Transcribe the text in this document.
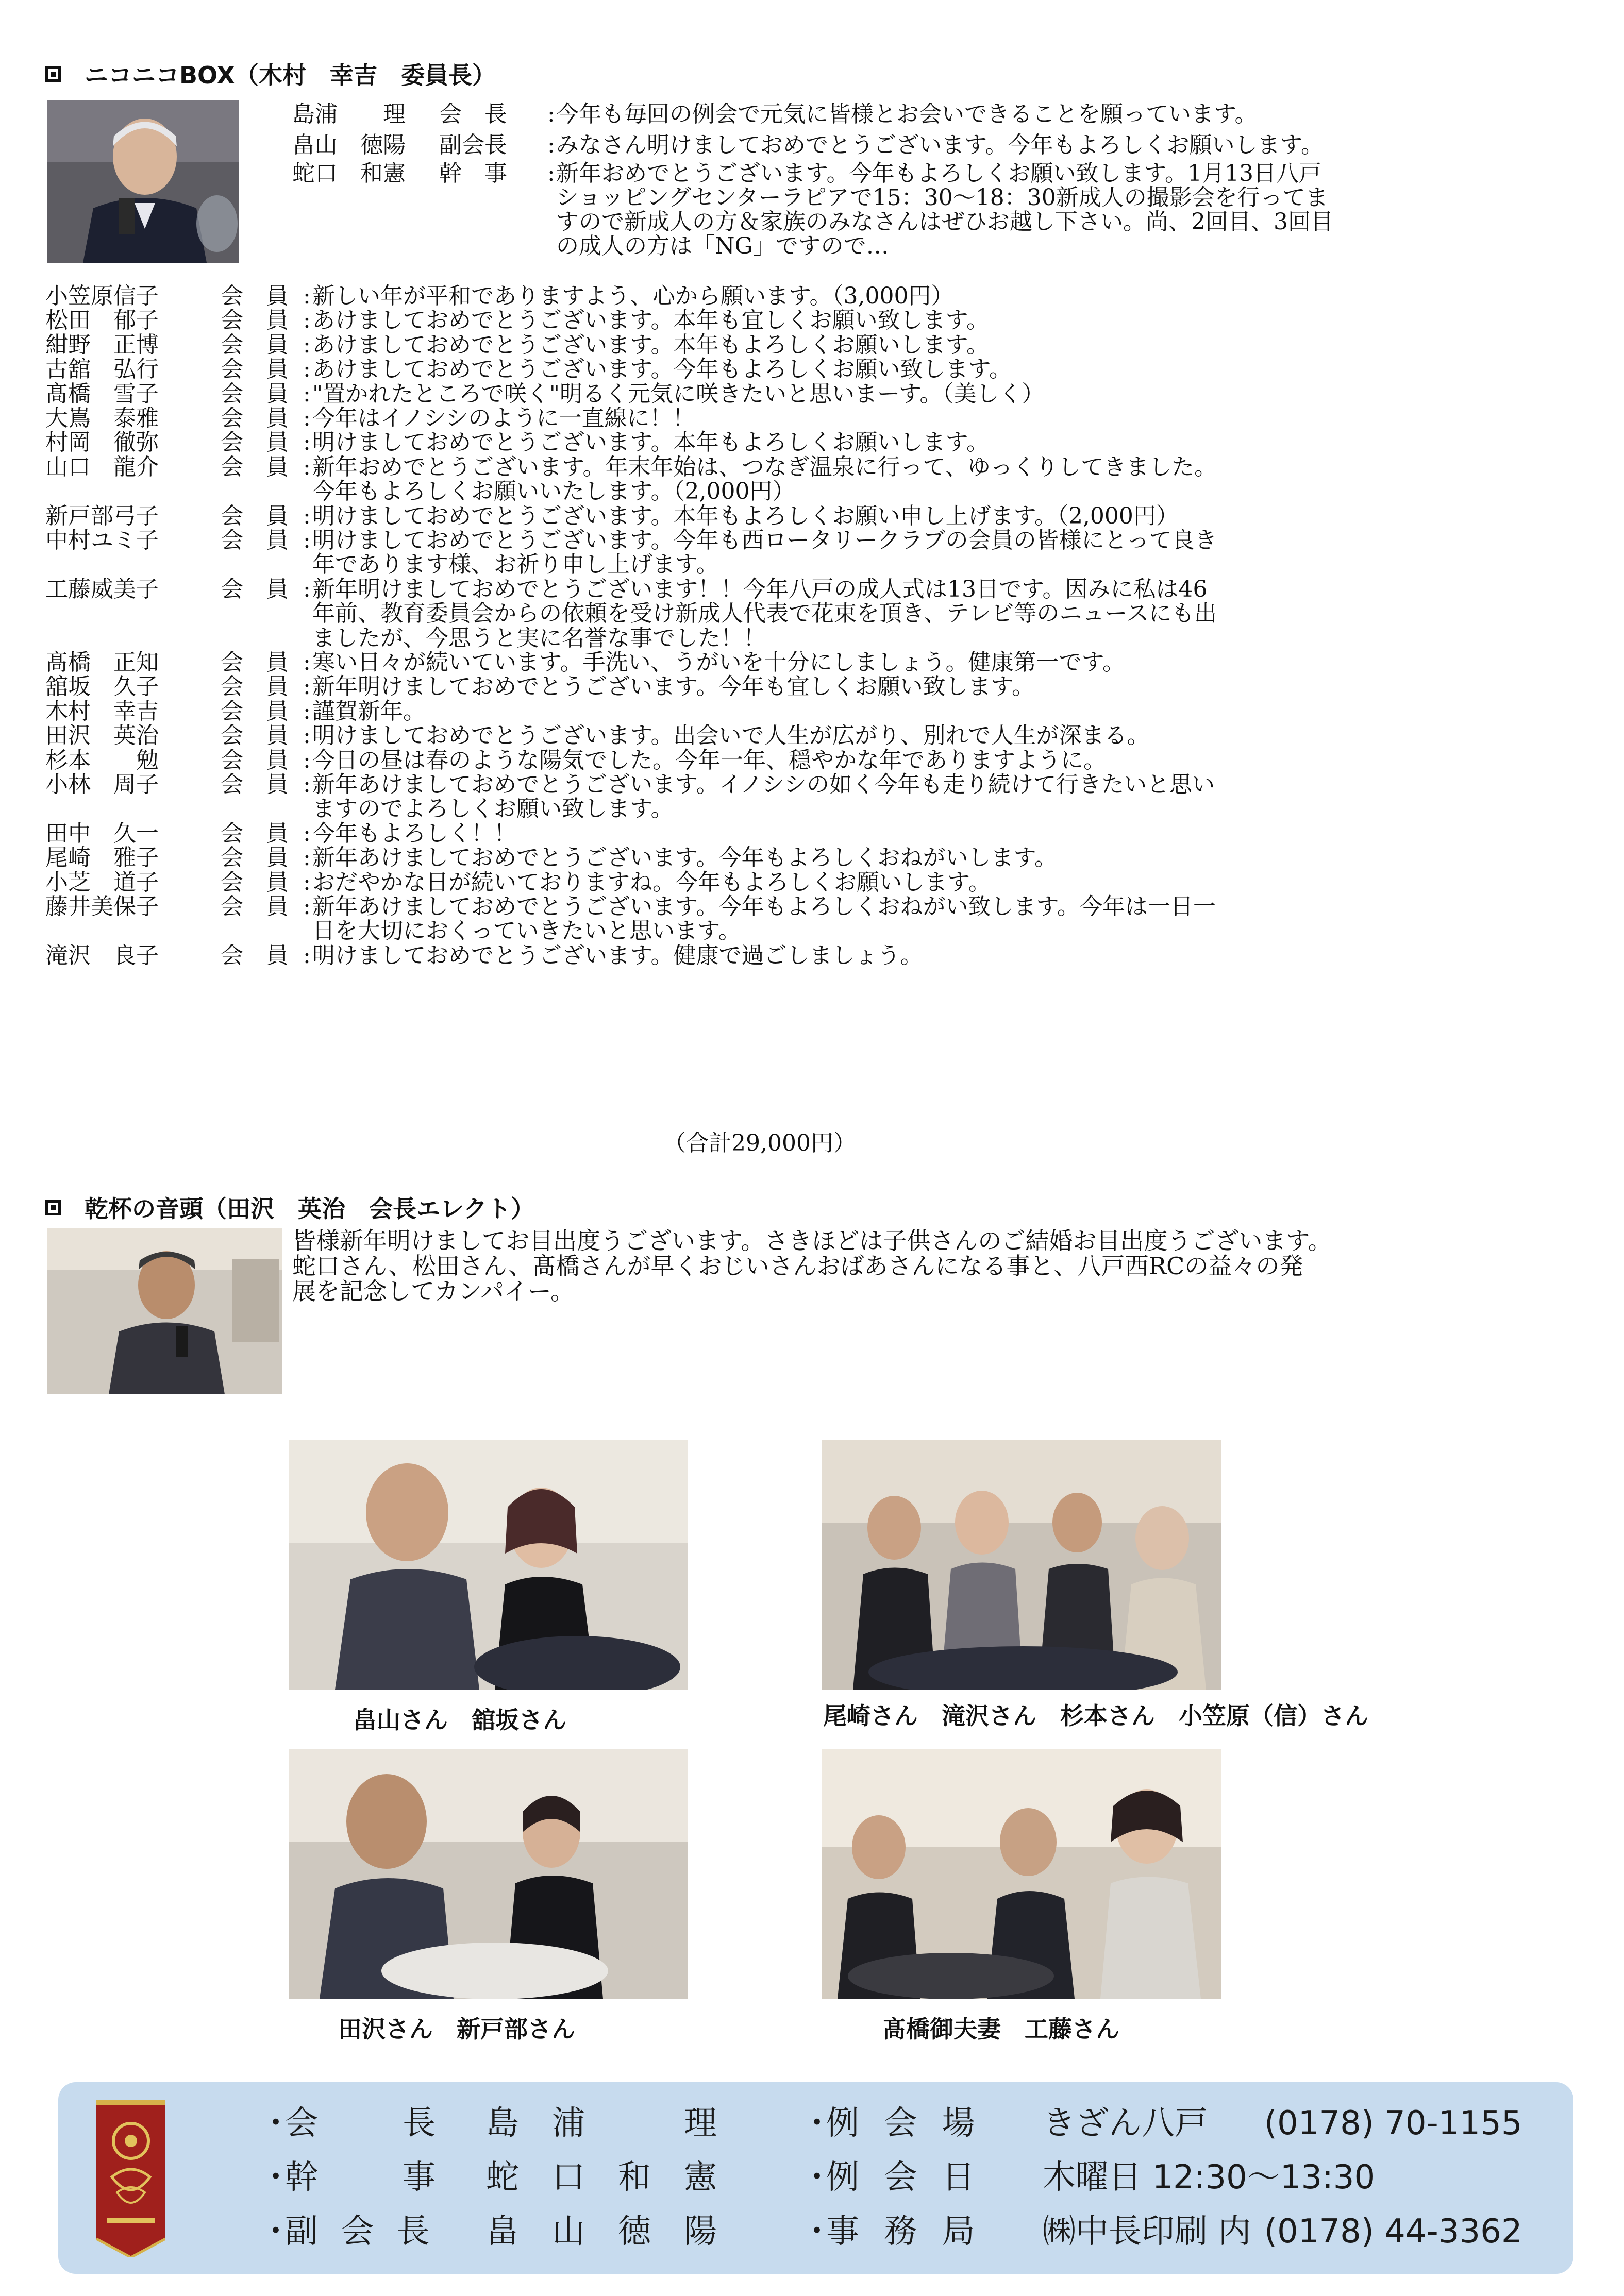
ニコニコBOX（木村　幸吉　委員長）
島浦　　理 会　長 : 今年も毎回の例会で元気に皆様とお会いできることを願っています。
畠山　徳陽 副会長 : みなさん明けましておめでとうございます。今年もよろしくお願いします。
蛇口　和憲 幹　事 : 新年おめでとうございます。今年もよろしくお願い致します。1月13日八戸
ショッピングセンターラピアで15：30～18：30新成人の撮影会を行ってま
すので新成人の方＆家族のみなさんはぜひお越し下さい。尚、2回目、3回目
の成人の方は「NG」ですので…
小笠原信子	会　員 : 新しい年が平和でありますよう、心から願います。（3,000円）
松田　郁子	会　員 : あけましておめでとうございます。本年も宜しくお願い致します。
紺野　正博	会　員 : あけましておめでとうございます。本年もよろしくお願いします。
古舘　弘行	会　員 : あけましておめでとうございます。今年もよろしくお願い致します。
髙橋　雪子	会　員 : "置かれたところで咲く"明るく元気に咲きたいと思いまーす。（美しく）
大嶌　泰雅	会　員 : 今年はイノシシのように一直線に！！
村岡　徹弥	会　員 : 明けましておめでとうございます。本年もよろしくお願いします。
山口　龍介	会　員 : 新年おめでとうございます。年末年始は、つなぎ温泉に行って、ゆっくりしてきました。
今年もよろしくお願いいたします。（2,000円）
新戸部弓子	会　員 : 明けましておめでとうございます。本年もよろしくお願い申し上げます。（2,000円）
中村ユミ子	会　員 : 明けましておめでとうございます。今年も西ロータリークラブの会員の皆様にとって良き
年であります様、お祈り申し上げます。
工藤威美子	会　員 : 新年明けましておめでとうございます！！今年八戸の成人式は13日です。因みに私は46
年前、教育委員会からの依頼を受け新成人代表で花束を頂き、テレビ等のニュースにも出
ましたが、今思うと実に名誉な事でした！！
髙橋　正知	会　員 : 寒い日々が続いています。手洗い、うがいを十分にしましょう。健康第一です。
舘坂　久子	会　員 : 新年明けましておめでとうございます。今年も宜しくお願い致します。
木村　幸吉	会　員 : 謹賀新年。
田沢　英治	会　員 : 明けましておめでとうございます。出会いで人生が広がり、別れで人生が深まる。
杉本　　勉	会　員 : 今日の昼は春のような陽気でした。今年一年、穏やかな年でありますように。
小林　周子	会　員 : 新年あけましておめでとうございます。イノシシの如く今年も走り続けて行きたいと思い
ますのでよろしくお願い致します。
田中　久一	会　員 : 今年もよろしく！！
尾崎　雅子	会　員 : 新年あけましておめでとうございます。今年もよろしくおねがいします。
小芝　道子	会　員 : おだやかな日が続いておりますね。今年もよろしくお願いします。
藤井美保子	会　員 : 新年あけましておめでとうございます。今年もよろしくおねがい致します。今年は一日一
日を大切におくっていきたいと思います。
滝沢　良子	会　員 : 明けましておめでとうございます。健康で過ごしましょう。
（合計29,000円）
乾杯の音頭（田沢　英治　会長エレクト）
皆様新年明けましてお目出度うございます。さきほどは子供さんのご結婚お目出度うございます。
蛇口さん、松田さん、髙橋さんが早くおじいさんおばあさんになる事と、八戸西RCの益々の発
展を記念してカンパイー。
畠山さん　舘坂さん	尾崎さん　滝沢さん　杉本さん　小笠原（信）さん
髙橋御夫妻　工藤さん
田沢さん　新戸部さん
・会　　長 島　浦　　　理
・幹　　事 蛇　口　和　憲
・副 会 長 畠　山　徳　陽
・例 会 場 きざん八戸 (0178) 70-1155
・例 会 日 木曜日 12:30～13:30
・事 務 局 ㈱中長印刷 内 (0178) 44-3362
